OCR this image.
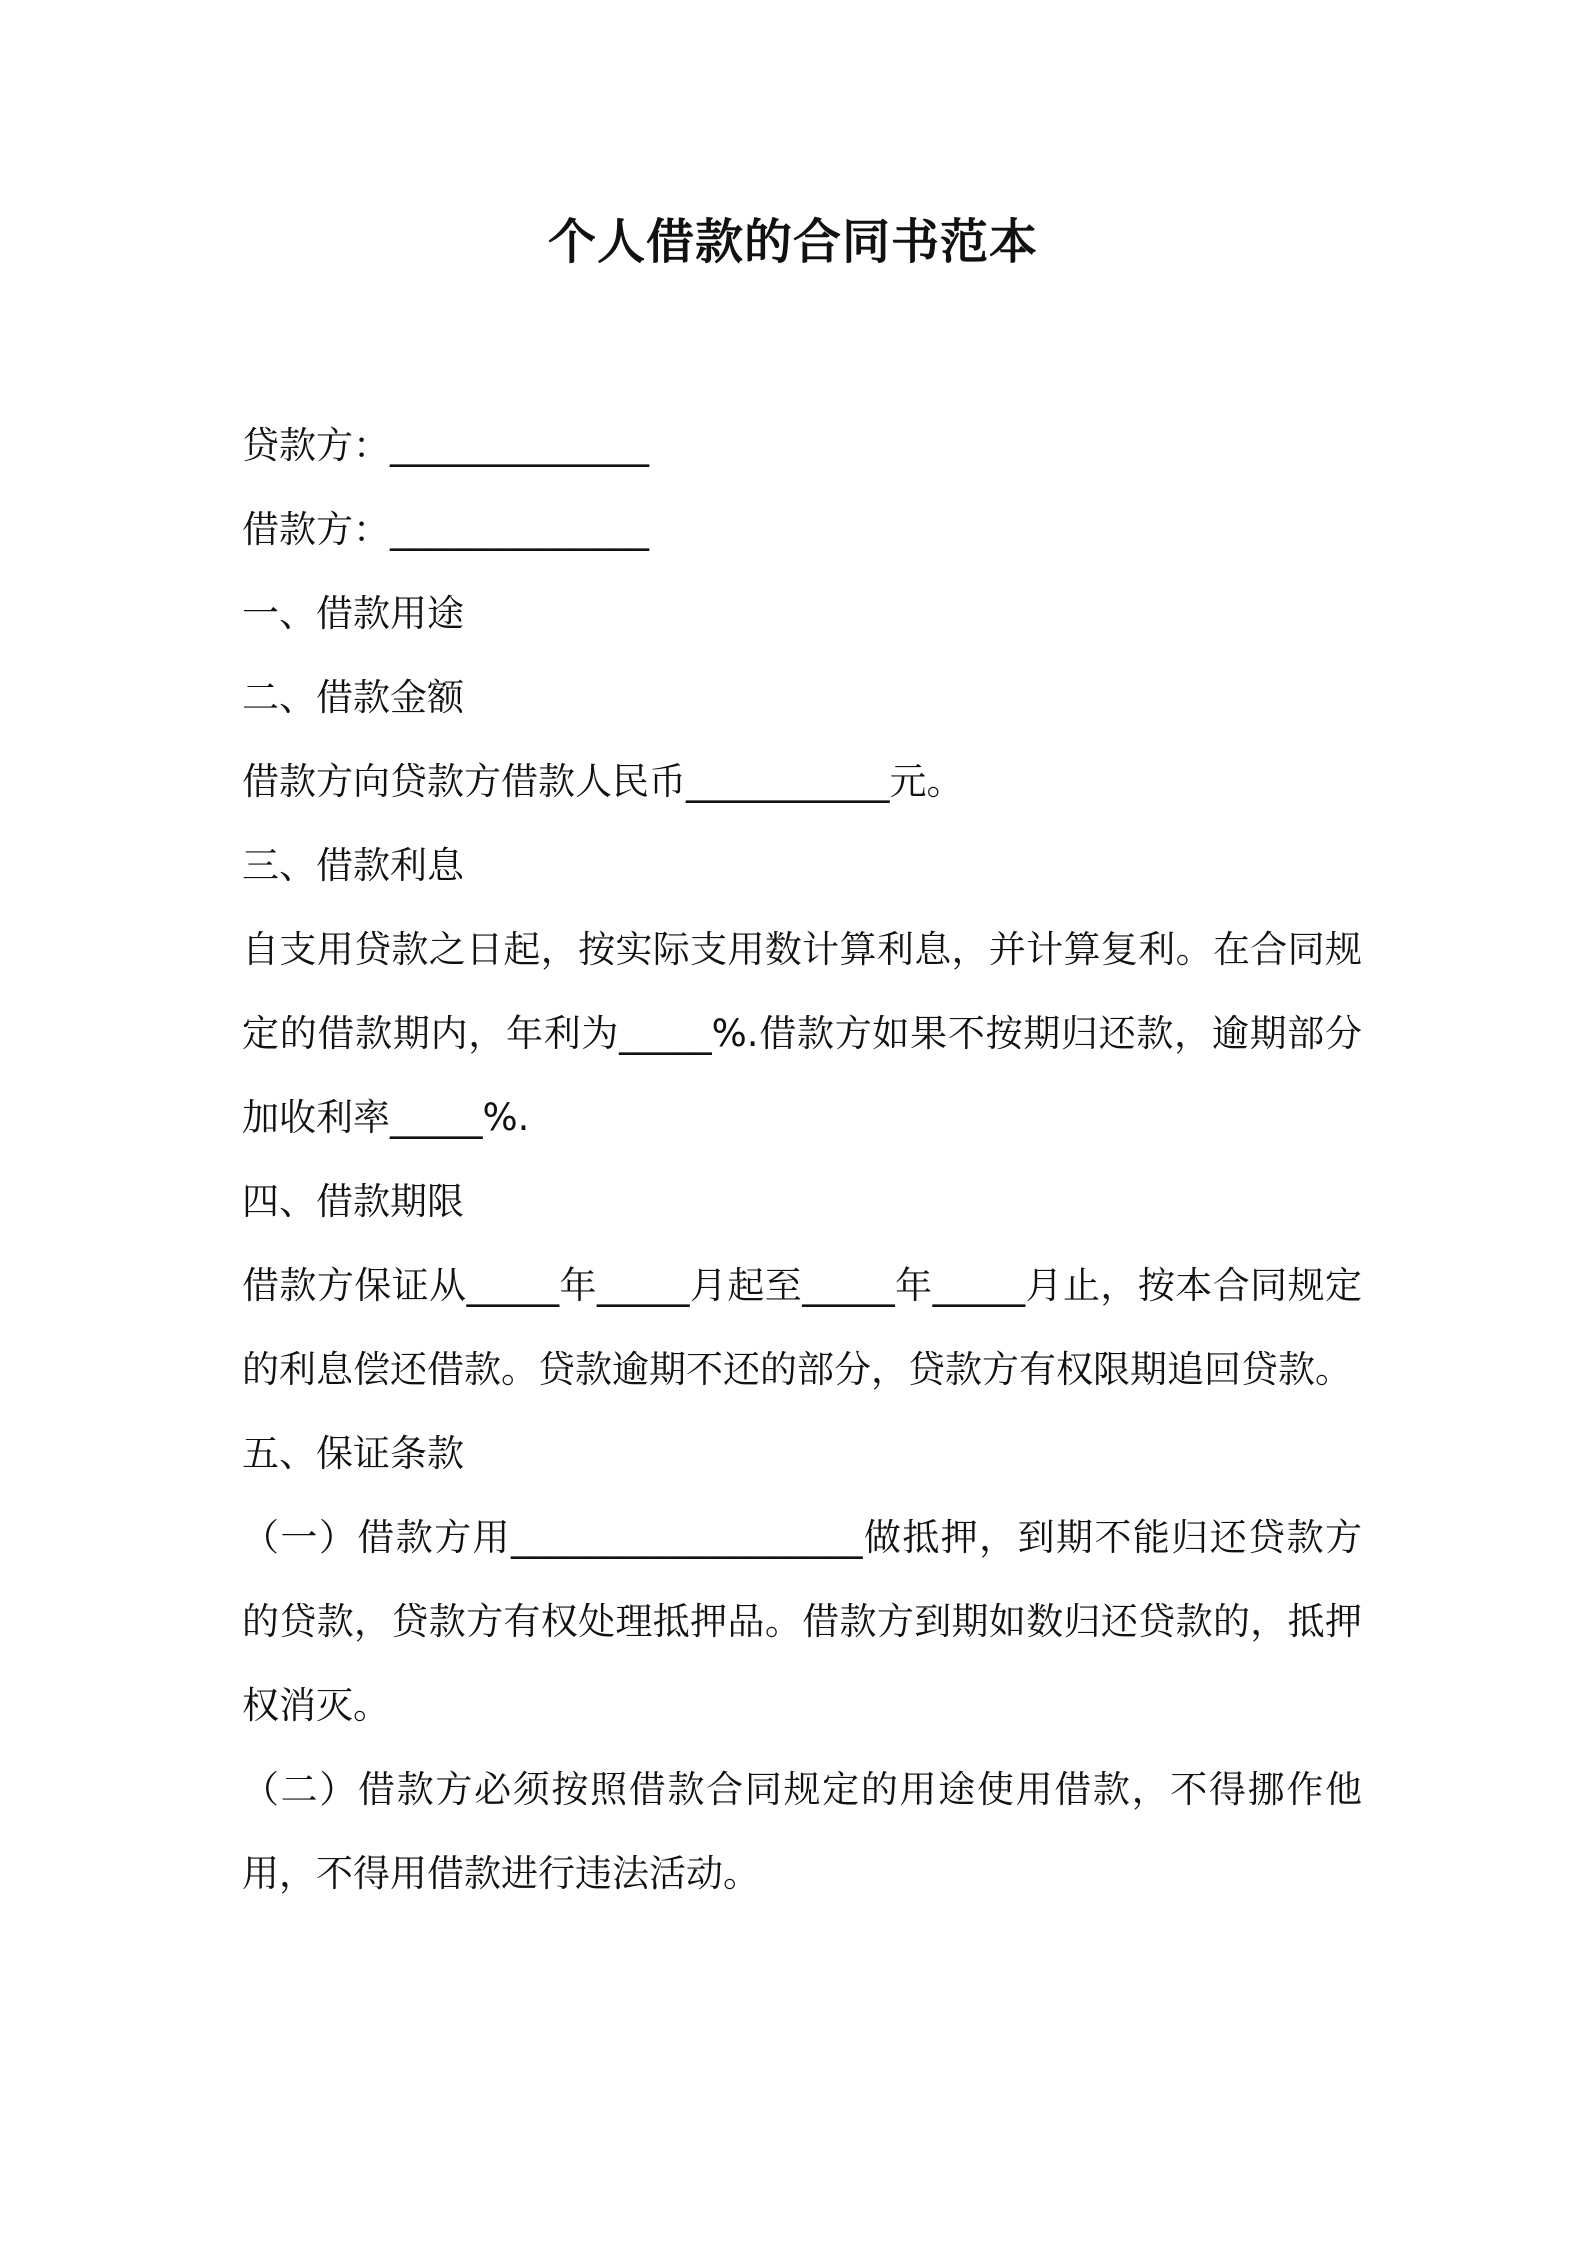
个人借款的合同书范本
贷款方：______________
借款方：______________
一、借款用途
二、借款金额
借款方向贷款方借款人民币___________元。
三、借款利息
自支用贷款之日起，按实际支用数计算利息，并计算复利。在合同规定的借款期内，年利为_____%.借款方如果不按期归还款，逾期部分加收利率_____%.
四、借款期限
借款方保证从_____年_____月起至_____年_____月止，按本合同规定的利息偿还借款。贷款逾期不还的部分，贷款方有权限期追回贷款。
五、保证条款
（一）借款方用___________________做抵押，到期不能归还贷款方的贷款，贷款方有权处理抵押品。借款方到期如数归还贷款的，抵押权消灭。
（二）借款方必须按照借款合同规定的用途使用借款，不得挪作他用，不得用借款进行违法活动。
